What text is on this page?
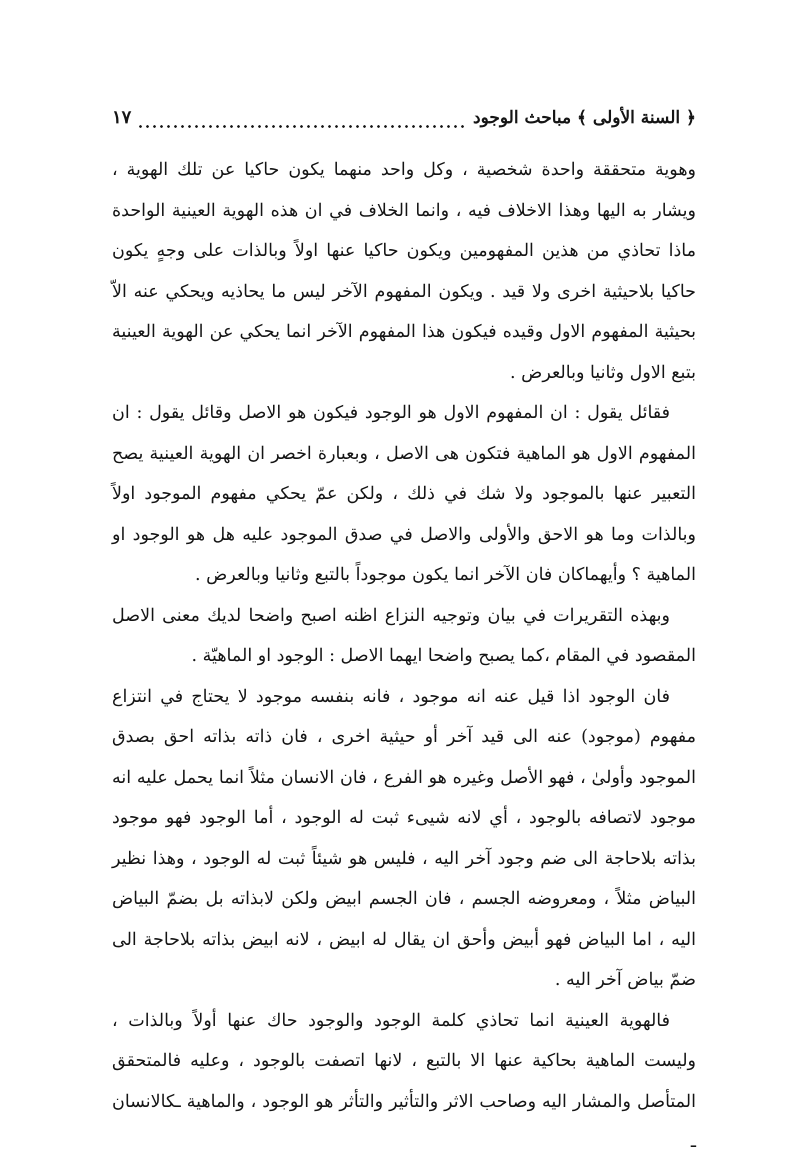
﴿ السنة الأولى ﴾ مباحث الوجود
١٧

وهوية متحققة واحدة شخصية ، وكل واحد منهما يكون حاكيا عن تلك الهوية ، ويشار به اليها وهذا الاخلاف فيه ، وانما الخلاف في ان هذه الهوية العينية الواحدة ماذا تحاذي من هذين المفهومين ويكون حاكيا عنها اولاً وبالذات على وجهٍ يكون حاكيا بلاحيثية اخرى ولا قيد . ويكون المفهوم الآخر ليس ما يحاذيه ويحكي عنه الاّ بحيثية المفهوم الاول وقيده فيكون هذا المفهوم الآخر انما يحكي عن الهوية العينية بتبع الاول وثانيا وبالعرض .

فقائل يقول : ان المفهوم الاول هو الوجود فيكون هو الاصل وقائل يقول : ان المفهوم الاول هو الماهية فتكون هى الاصل ، وبعبارة اخصر ان الهوية العينية يصح التعبير عنها بالموجود ولا شك في ذلك ، ولكن عمّ يحكي مفهوم الموجود اولاً وبالذات وما هو الاحق والأولى والاصل في صدق الموجود عليه هل هو الوجود او الماهية ؟ وأيهماكان فان الآخر انما يكون موجوداً بالتبع وثانيا وبالعرض .

وبهذه التقريرات في بيان وتوجيه النزاع اظنه اصبح واضحا لديك معنى الاصل المقصود في المقام ،كما يصبح واضحا ايهما الاصل : الوجود او الماهيّة .

فان الوجود اذا قيل عنه انه موجود ، فانه بنفسه موجود لا يحتاج في انتزاع مفهوم (موجود) عنه الى قيد آخر أو حيثية اخرى ، فان ذاته بذاته احق بصدق الموجود وأولىٰ ، فهو الأصل وغيره هو الفرع ، فان الانسان مثلاً انما يحمل عليه انه موجود لاتصافه بالوجود ، أي لانه شيىء ثبت له الوجود ، أما الوجود فهو موجود بذاته بلاحاجة الى ضم وجود آخر اليه ، فليس هو شيئاً ثبت له الوجود ، وهذا نظير البياض مثلاً ، ومعروضه الجسم ، فان الجسم ابيض ولكن لابذاته بل بضمّ البياض اليه ، اما البياض فهو أبيض وأحق ان يقال له ابيض ، لانه ابيض بذاته بلاحاجة الى ضمّ بياض آخر اليه .

فالهوية العينية انما تحاذي كلمة الوجود والوجود حاك عنها أولاً وبالذات ، وليست الماهية بحاكية عنها الا بالتبع ، لانها اتصفت بالوجود ، وعليه فالمتحقق المتأصل والمشار اليه وصاحب الاثر والتأثير والتأثر هو الوجود ، والماهية ـكالانسان ـ
